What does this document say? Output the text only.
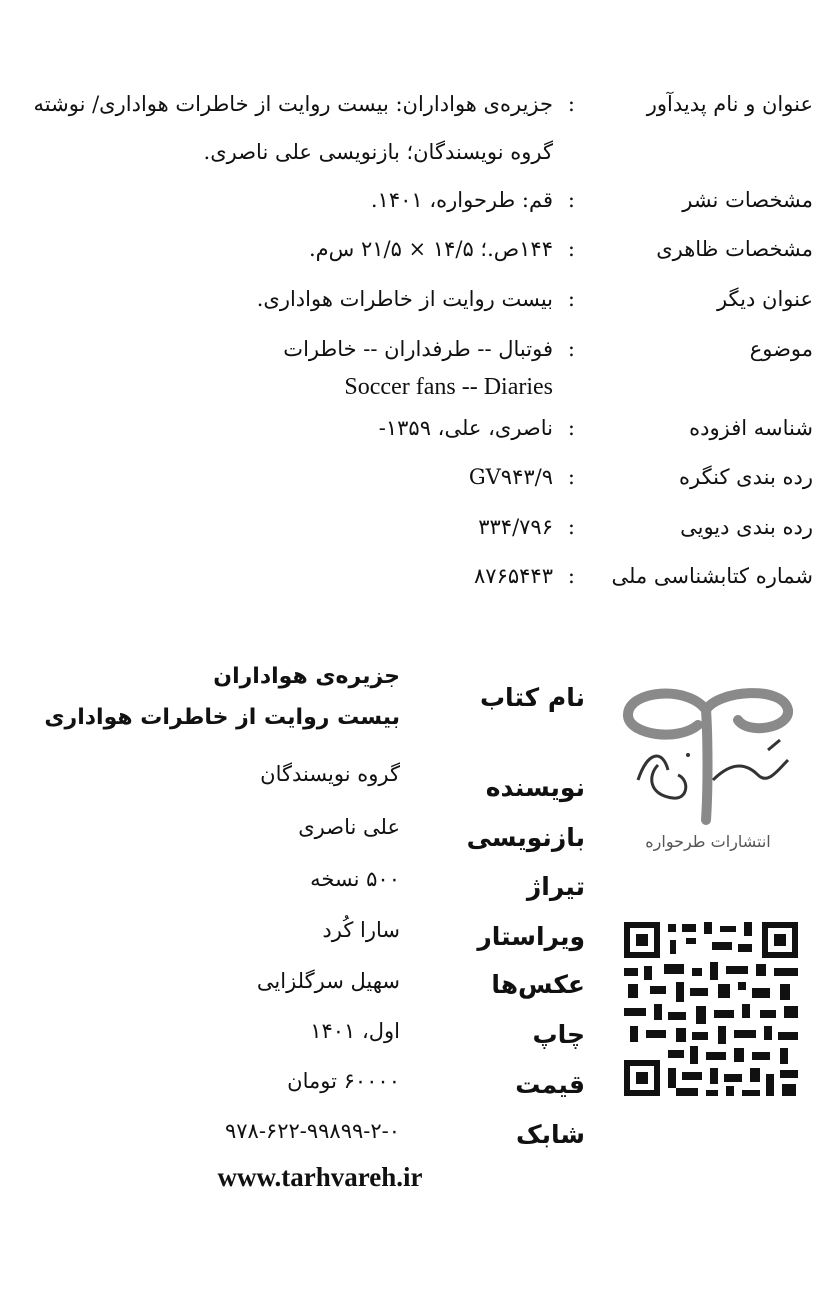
عنوان و نام پدیدآور
:
جزیره‌ی هواداران: بیست روایت از خاطرات هواداری/ نوشته
گروه نویسندگان؛ بازنویسی علی ناصری.
مشخصات نشر
:
قم: طرحواره، ۱۴۰۱.
مشخصات ظاهری
:
۱۴۴ص.؛ ۱۴/۵ × ۲۱/۵ س‌م.
عنوان دیگر
:
بیست روایت از خاطرات هواداری.
موضوع
:
فوتبال -- طرفداران -- خاطرات
Soccer fans -- Diaries
شناسه افزوده
:
ناصری، علی، ۱۳۵۹-
رده بندی کنگره
:
GV۹۴۳/۹
رده بندی دیویی
:
۳۳۴/۷۹۶
شماره کتابشناسی ملی
:
۸۷۶۵۴۴۳
انتشارات طرحواره
نام کتاب
جزیره‌ی هواداران
بیست روایت از خاطرات هواداری
نویسنده
گروه نویسندگان
بازنویسی
علی ناصری
تیراژ
۵۰۰ نسخه
ویراستار
سارا کُرد
عکس‌ها
سهیل سرگلزایی
چاپ
اول، ۱۴۰۱
قیمت
۶۰۰۰۰ تومان
شابک
۹۷۸-۶۲۲-۹۹۸۹۹-۲-۰
www.tarhvareh.ir
